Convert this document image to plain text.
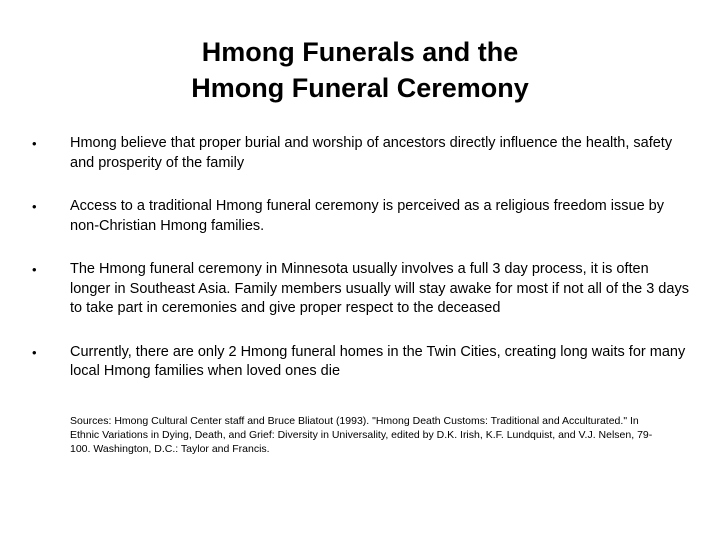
Hmong Funerals and the
Hmong Funeral Ceremony
• Hmong believe that proper burial and worship of ancestors directly influence the health, safety and prosperity of the family
• Access to a traditional Hmong funeral ceremony is perceived as a religious freedom issue by non-Christian Hmong families.
• The Hmong funeral ceremony in Minnesota usually involves a full 3 day process, it is often longer in Southeast Asia. Family members usually will stay awake for most if not all of the 3 days to take part in ceremonies and give proper respect to the deceased
• Currently, there are only 2 Hmong funeral homes in the Twin Cities, creating long waits for many local Hmong families when loved ones die
Sources: Hmong Cultural Center staff and Bruce Bliatout (1993). "Hmong Death Customs: Traditional and Acculturated." In Ethnic Variations in Dying, Death, and Grief: Diversity in Universality, edited by D.K. Irish, K.F. Lundquist, and V.J. Nelsen, 79-100. Washington, D.C.: Taylor and Francis.
